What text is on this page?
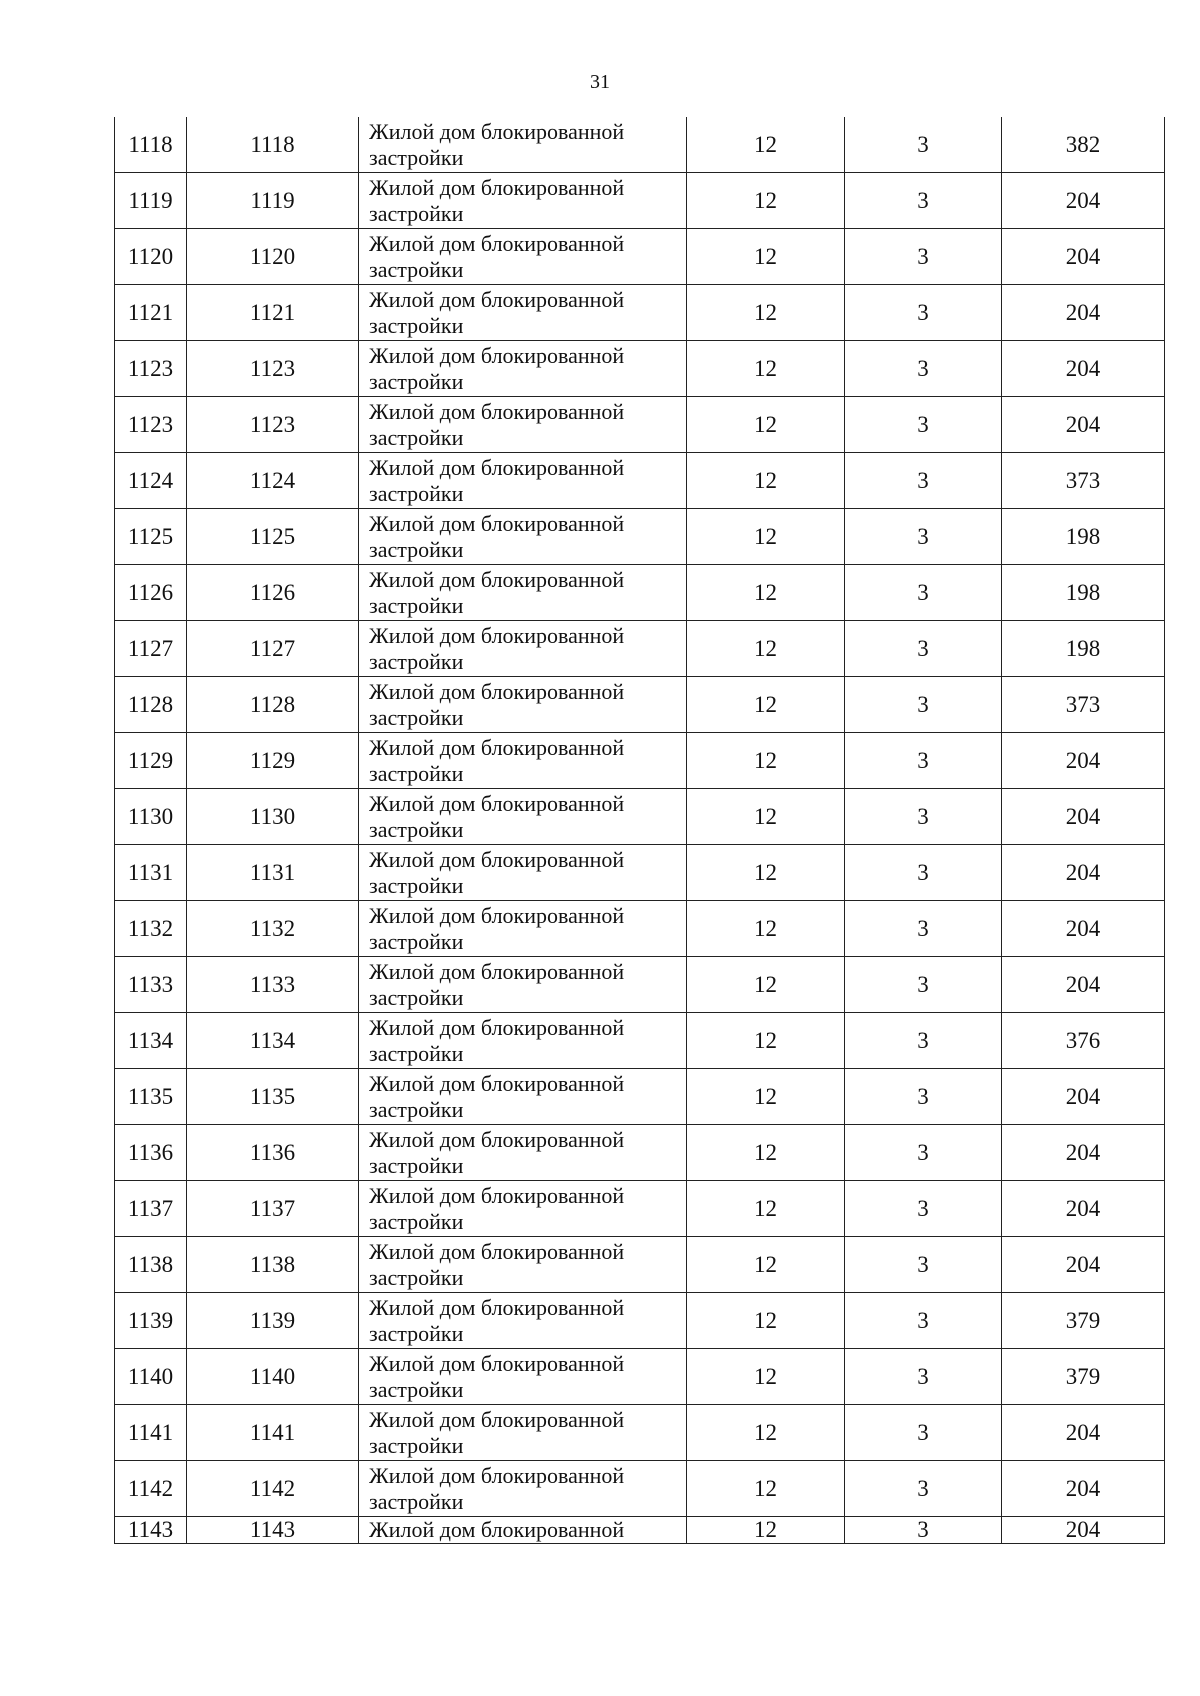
31
1118	1118	Жилой дом блокированной застройки	12	3	382
1119	1119	Жилой дом блокированной застройки	12	3	204
1120	1120	Жилой дом блокированной застройки	12	3	204
1121	1121	Жилой дом блокированной застройки	12	3	204
1123	1123	Жилой дом блокированной застройки	12	3	204
1123	1123	Жилой дом блокированной застройки	12	3	204
1124	1124	Жилой дом блокированной застройки	12	3	373
1125	1125	Жилой дом блокированной застройки	12	3	198
1126	1126	Жилой дом блокированной застройки	12	3	198
1127	1127	Жилой дом блокированной застройки	12	3	198
1128	1128	Жилой дом блокированной застройки	12	3	373
1129	1129	Жилой дом блокированной застройки	12	3	204
1130	1130	Жилой дом блокированной застройки	12	3	204
1131	1131	Жилой дом блокированной застройки	12	3	204
1132	1132	Жилой дом блокированной застройки	12	3	204
1133	1133	Жилой дом блокированной застройки	12	3	204
1134	1134	Жилой дом блокированной застройки	12	3	376
1135	1135	Жилой дом блокированной застройки	12	3	204
1136	1136	Жилой дом блокированной застройки	12	3	204
1137	1137	Жилой дом блокированной застройки	12	3	204
1138	1138	Жилой дом блокированной застройки	12	3	204
1139	1139	Жилой дом блокированной застройки	12	3	379
1140	1140	Жилой дом блокированной застройки	12	3	379
1141	1141	Жилой дом блокированной застройки	12	3	204
1142	1142	Жилой дом блокированной застройки	12	3	204
1143	1143	Жилой дом блокированной	12	3	204
